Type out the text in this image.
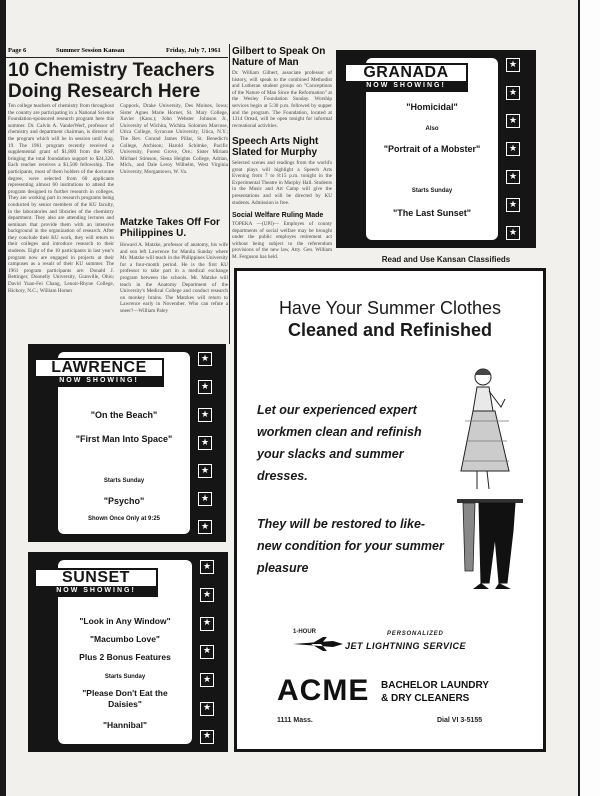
Page 6	Summer Session Kansan	Friday, July 7, 1961
10 Chemistry Teachers
Doing Research Here
Ten college teachers of chemistry from throughout the country are participating in a National Science Foundation-sponsored research program here this summer. Dr. Calvin A. VanderWerf, professor of chemistry and department chairman, is director of the program which will be in session until Aug. 19. The 1961 program recently received a supplemental grant of $1,800 from the NSF, bringing the total foundation support to $24,320. Each teacher receives a $1,500 fellowship. The participants, most of them holders of the doctorate degree, were selected from 60 applicants representing almost 60 institutions to attend the program designed to further research in colleges. They are working part in research programs being conducted by senior members of the KU faculty, in the laboratories and libraries of the chemistry department. They also are attending lectures and seminars that provide them with an intensive background in the organization of research. After they conclude their KU work, they will return to their colleges and introduce research to their students. Eight of the 10 participants in last year's program now are engaged in projects at their campuses as a result of their KU summer. The 1961 program participants are: Donald J. Bettinger, Donnelly University, Granville, Ohio; David Yuan-Fei Chang, Lenoir-Rhyne College, Hickory, N.C.; William Homer
Coppock, Drake University, Des Moines, Iowa; Sister Agnes Marie Horner, St. Mary College, Xavier (Kans.); John Webster Johnson Jr., University of Wichita, Wichita. Solomon Marcuse, Utica College, Syracuse University, Utica, N.Y.; The Rev. Conrad James Pillar, St. Benedict's College, Atchison; Harold Schimke, Pacific University, Forest Grove, Ore.; Sister Miriam Michael Stimson, Siena Heights College, Adrian, Mich., and Dale Leroy Wilhelm, West Virginia University, Morgantown, W. Va.
Matzke Takes Off For Philippines U.
Howard A. Matzke, professor of anatomy, his wife and son left Lawrence for Manila Sunday where Mr. Matzke will teach in the Philippines University for a four-month period. He is the first KU professor to take part in a medical exchange program between the schools. Mr. Matzke will teach in the Anatomy Department of the University's Medical College and conduct research on monkey brains. The Matzkes will return to Lawrence early in November. Who can refute a sneer?—William Paley
Gilbert to Speak On Nature of Man
Dr. William Gilbert, associate professor of history, will speak to the combined Methodist and Lutheran student groups on "Conceptions of the Nature of Man Since the Reformation" at the Wesley Foundation Sunday. Worship services begin at 5:30 p.m. followed by supper and the program. The Foundation, located at 1314 Oread, will be open tonight for informal recreational activities.
Speech Arts Night Slated for Murphy
Selected scenes and readings from the world's great plays will highlight a Speech Arts Evening from 7 to 8:15 p.m. tonight in the Experimental Theatre in Murphy Hall. Students in the Music and Art Camp will give the presentations and will be directed by KU students. Admission is free.
Social Welfare Ruling Made
TOPEKA —(UPI)— Employes of county departments of social welfare may be brought under the public employes retirement act without being subject to the referendum provisions of the new law, Atty. Gen. William M. Ferguson has held.
★
★
★
★
★
★
★
GRANADA
NOW SHOWING!
"Homicidal"
Also
"Portrait of a Mobster"
Starts Sunday
"The Last Sunset"
Read and Use Kansan Classifieds
★
★
★
★
★
★
★
LAWRENCE
NOW SHOWING!
"On the Beach"
"First Man Into Space"
Starts Sunday
"Psycho"
Shown Once Only at 9:25
★
★
★
★
★
★
★
SUNSET
NOW SHOWING!
"Look in Any Window"
"Macumbo Love"
Plus 2 Bonus Features
Starts Sunday
"Please Don't Eat the Daisies"
"Hannibal"
Have Your Summer Clothes
Cleaned and Refinished
Let our experienced expert workmen clean and refinish your slacks and summer dresses.
They will be restored to like-new condition for your summer pleasure
1-HOUR	PERSONALIZED
JET LIGHTNING SERVICE
ACME BACHELOR LAUNDRY
& DRY CLEANERS
1111 Mass.	Dial VI 3-5155
